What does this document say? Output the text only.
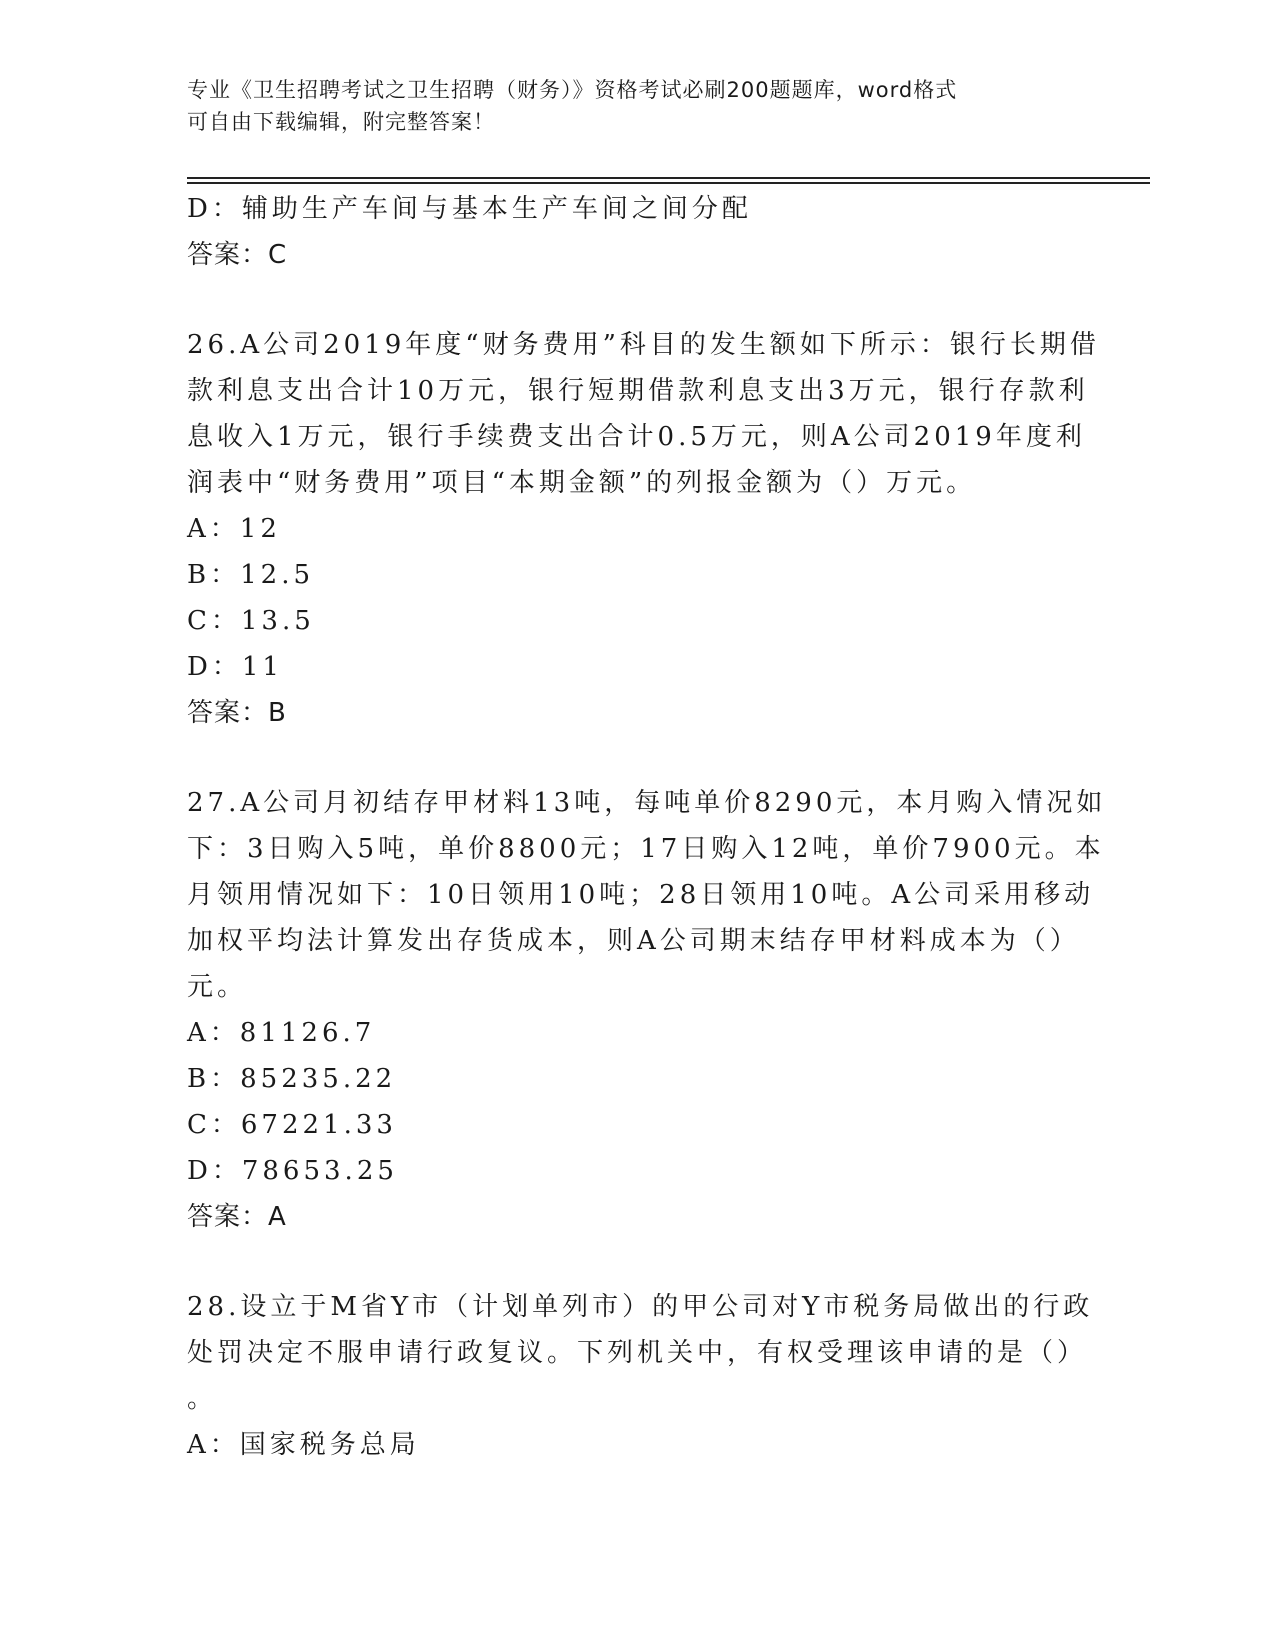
专业《卫生招聘考试之卫生招聘（财务）》资格考试必刷200题题库，word格式
可自由下载编辑，附完整答案！
D：辅助生产车间与基本生产车间之间分配
答案：C
26.A公司2019年度“财务费用”科目的发生额如下所示：银行长期借
款利息支出合计10万元，银行短期借款利息支出3万元，银行存款利
息收入1万元，银行手续费支出合计0.5万元，则A公司2019年度利
润表中“财务费用”项目“本期金额”的列报金额为（）万元。
A：12
B：12.5
C：13.5
D：11
答案：B
27.A公司月初结存甲材料13吨，每吨单价8290元，本月购入情况如
下：3日购入5吨，单价8800元；17日购入12吨，单价7900元。本
月领用情况如下：10日领用10吨；28日领用10吨。A公司采用移动
加权平均法计算发出存货成本，则A公司期末结存甲材料成本为（）
元。
A：81126.7
B：85235.22
C：67221.33
D：78653.25
答案：A
28.设立于M省Y市（计划单列市）的甲公司对Y市税务局做出的行政
处罚决定不服申请行政复议。下列机关中，有权受理该申请的是（）
。
A：国家税务总局
